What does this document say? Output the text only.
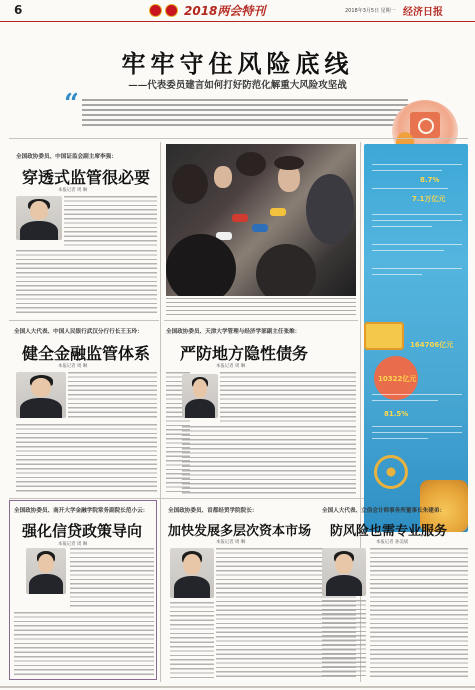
6	2018两会特刊	2018年3月5日 星期一 经济日报
牢牢守住风险底线
——代表委员建言如何打好防范化解重大风险攻坚战
“
全国政协委员、中国证监会副主席李强：
穿透式监管很必要
本报记者 周 琳
8.7%
7.1万亿元
164706亿元
10322亿元
81.5%
全国人大代表、中国人民银行武汉分行行长王玉玲：
健全金融监管体系
本报记者 周 琳
全国政协委员、天津大学管理与经济学部副主任张维：
严防地方隐性债务
本报记者 周 琳
全国政协委员、南开大学金融学院常务副院长范小云：
强化信贷政策导向
本报记者 周 琳
全国政协委员、首都经贸学院院长：
加快发展多层次资本市场
本报记者 周 琳
全国人大代表、立信会计师事务所董事长朱建弟：
防风险也需专业服务
本报记者 孙美斌
